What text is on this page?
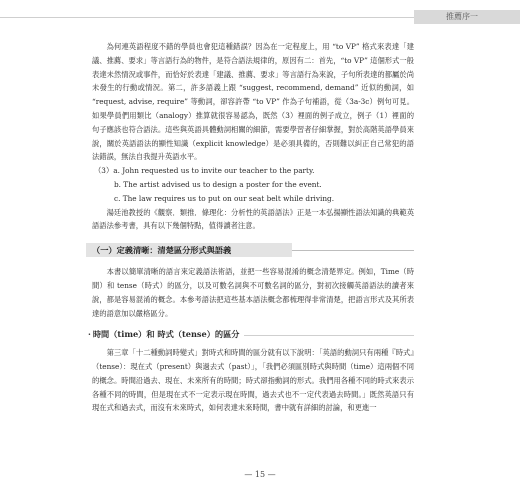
推薦序一

為何連英語程度不錯的學員也會犯這種錯誤？因為在一定程度上，用 “to VP” 格式來表達「建議、推薦、要求」等言語行為的物件，是符合語法規律的，原因有二：首先，“to VP” 這個形式一般表達未然情況或事件，而恰好於表達「建議、推薦、要求」等言語行為來說，子句所表達的都屬於尚未發生的行動或情況。第二，許多語義上跟 “suggest, recommend, demand” 近似的動詞，如 “request, advise, require” 等動詞，卻容許帶 “to VP” 作為子句補語，從（3a-3c）例句可見。如果學員們用類比（analogy）推算就很容易認為，既然（3）裡面的例子成立，例子（1）裡面的句子應該也符合語法。這些與英語具體動詞相關的細節，需要學習者仔細掌握，對於高階英語學員來說，關於英語語法的顯性知識（explicit knowledge）是必須具備的，否則難以糾正自己常犯的語法錯誤，無法自我提升英語水平。

（3）a. John requested us to invite our teacher to the party.

b. The artist advised us to design a poster for the event.

c. The law requires us to put on our seat belt while driving.

湯廷池教授的《觀察．類推．條理化：分析性的英語語法》正是一本弘揚顯性語法知識的典範英語語法參考書，具有以下幾個特點，值得讀者注意。

（一）定義清晰：清楚區分形式與語義

本書以簡單清晰的語言來定義語法術語，並把一些容易混淆的概念清楚界定。例如，Time（時間）和 tense（時式）的區分，以及可數名詞與不可數名詞的區分，對初次接觸英語語法的讀者來說，都是容易混淆的概念。本參考語法把這些基本語法概念都梳理得非常清楚，把語言形式及其所表達的語意加以嚴格區分。

· 時間（time）和 時式（tense）的區分

第三章「十二種動詞時變式」對時式和時間的區分就有以下說明：「英語的動詞只有兩種『時式』（tense）：現在式（present）與過去式（past）」，「我們必須區別時式與時間（time）這兩個不同的概念。時間沿過去、現在、未來所有的時間；時式卻指動詞的形式。我們用各種不同的時式來表示各種不同的時間，但是現在式不一定表示現在時間，過去式也不一定代表過去時間。」既然英語只有現在式和過去式，而沒有未來時式，如何表達未來時間，書中就有詳細的討論，和更進一

— 15 —
